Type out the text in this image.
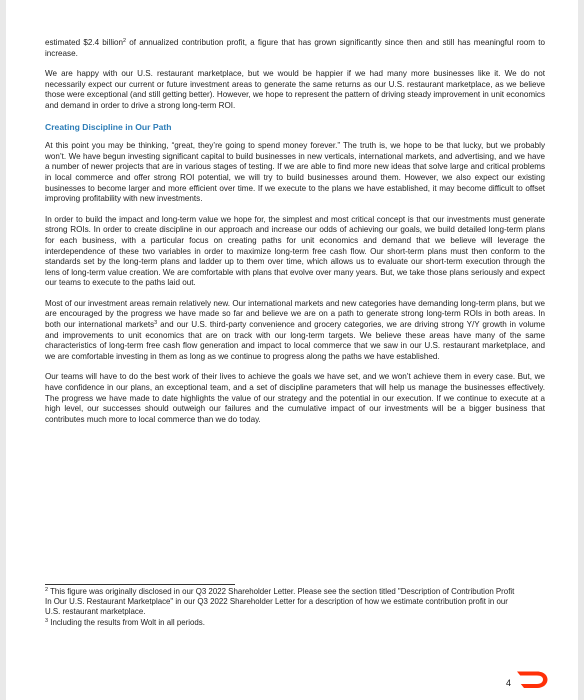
estimated $2.4 billion$^2$ of annualized contribution profit, a figure that has grown significantly since then and still has meaningful room to increase.

We are happy with our U.S. restaurant marketplace, but we would be happier if we had many more businesses like it. We do not necessarily expect our current or future investment areas to generate the same returns as our U.S. restaurant marketplace, as we believe those were exceptional (and still getting better). However, we hope to represent the pattern of driving steady improvement in unit economics and demand in order to drive a strong long-term ROI.

Creating Discipline in Our Path

At this point you may be thinking, “great, they’re going to spend money forever.” The truth is, we hope to be that lucky, but we probably won’t. We have begun investing significant capital to build businesses in new verticals, international markets, and advertising, and we have a number of newer projects that are in various stages of testing. If we are able to find more new ideas that solve large and critical problems in local commerce and offer strong ROI potential, we will try to build businesses around them. However, we also expect our existing businesses to become larger and more efficient over time. If we execute to the plans we have established, it may become difficult to offset improving profitability with new investments.

In order to build the impact and long-term value we hope for, the simplest and most critical concept is that our investments must generate strong ROIs. In order to create discipline in our approach and increase our odds of achieving our goals, we build detailed long-term plans for each business, with a particular focus on creating paths for unit economics and demand that we believe will leverage the interdependence of these two variables in order to maximize long-term free cash flow. Our short-term plans must then conform to the standards set by the long-term plans and ladder up to them over time, which allows us to evaluate our short-term execution through the lens of long-term value creation. We are comfortable with plans that evolve over many years. But, we take those plans seriously and expect our teams to execute to the paths laid out.

Most of our investment areas remain relatively new. Our international markets and new categories have demanding long-term plans, but we are encouraged by the progress we have made so far and believe we are on a path to generate strong long-term ROIs in both areas. In both our international markets$^3$ and our U.S. third-party convenience and grocery categories, we are driving strong Y/Y growth in volume and improvements to unit economics that are on track with our long-term targets. We believe these areas have many of the same characteristics of long-term free cash flow generation and impact to local commerce that we saw in our U.S. restaurant marketplace, and we are comfortable investing in them as long as we continue to progress along the paths we have established.

Our teams will have to do the best work of their lives to achieve the goals we have set, and we won’t achieve them in every case. But, we have confidence in our plans, an exceptional team, and a set of discipline parameters that will help us manage the businesses effectively. The progress we have made to date highlights the value of our strategy and the potential in our execution. If we continue to execute at a high level, our successes should outweigh our failures and the cumulative impact of our investments will be a bigger business that contributes much more to local commerce than we do today.

$^2$ This figure was originally disclosed in our Q3 2022 Shareholder Letter. Please see the section titled "Description of Contribution Profit In Our U.S. Restaurant Marketplace" in our Q3 2022 Shareholder Letter for a description of how we estimate contribution profit in our U.S. restaurant marketplace.

$^3$ Including the results from Wolt in all periods.

4
